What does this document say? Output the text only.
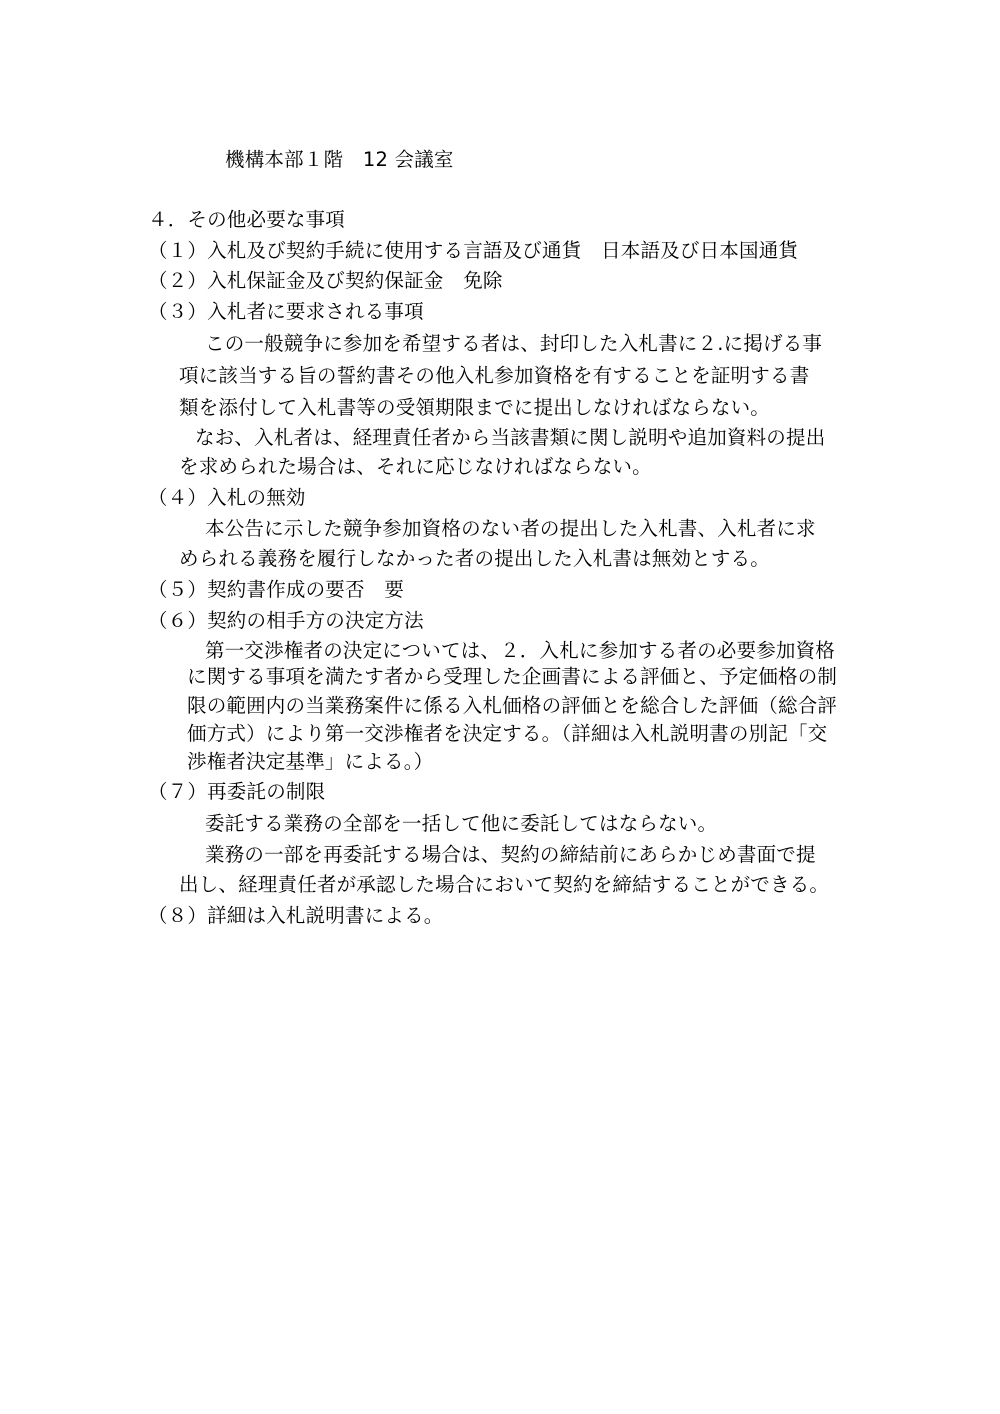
機構本部１階　12 会議室
４．その他必要な事項
（１）入札及び契約手続に使用する言語及び通貨　日本語及び日本国通貨
（２）入札保証金及び契約保証金　免除
（３）入札者に要求される事項
この一般競争に参加を希望する者は、封印した入札書に２.に掲げる事
項に該当する旨の誓約書その他入札参加資格を有することを証明する書
類を添付して入札書等の受領期限までに提出しなければならない。
なお、入札者は、経理責任者から当該書類に関し説明や追加資料の提出
を求められた場合は、それに応じなければならない。
（４）入札の無効
本公告に示した競争参加資格のない者の提出した入札書、入札者に求
められる義務を履行しなかった者の提出した入札書は無効とする。
（５）契約書作成の要否　要
（６）契約の相手方の決定方法
第一交渉権者の決定については、２．入札に参加する者の必要参加資格
に関する事項を満たす者から受理した企画書による評価と、予定価格の制
限の範囲内の当業務案件に係る入札価格の評価とを総合した評価（総合評
価方式）により第一交渉権者を決定する。（詳細は入札説明書の別記「交
渉権者決定基準」による。）
（７）再委託の制限
委託する業務の全部を一括して他に委託してはならない。
業務の一部を再委託する場合は、契約の締結前にあらかじめ書面で提
出し、経理責任者が承認した場合において契約を締結することができる。
（８）詳細は入札説明書による。
